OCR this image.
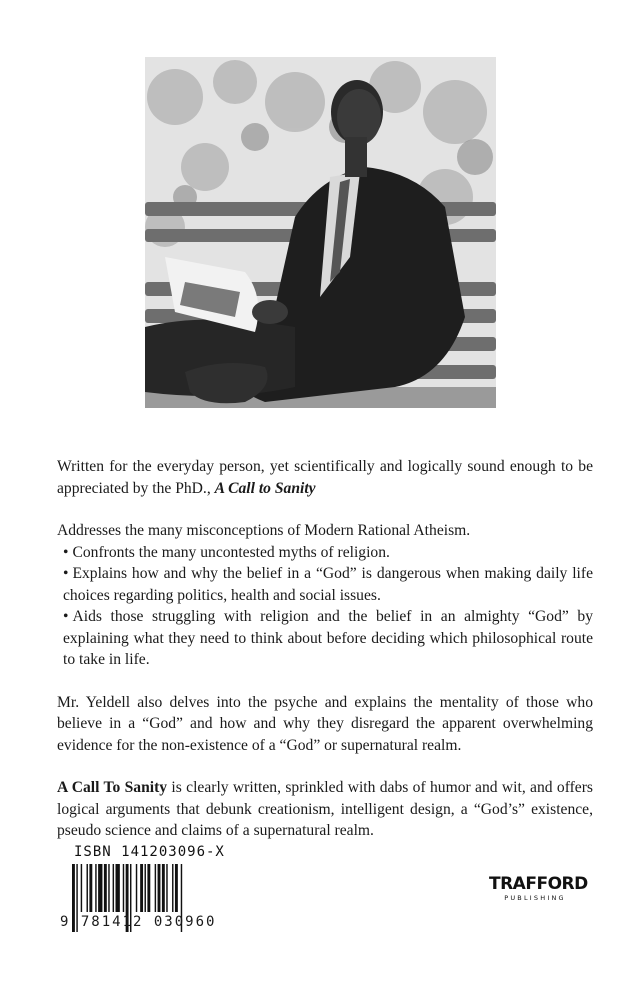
Written for the everyday person, yet scientifically and logically sound enough to be appreciated by the PhD., A Call to Sanity

Addresses the many misconceptions of Modern Rational Atheism.

• Confronts the many uncontested myths of religion.
• Explains how and why the belief in a “God” is dangerous when making daily life choices regarding politics, health and social issues.
• Aids those struggling with religion and the belief in an almighty “God” by explaining what they need to think about before deciding which philosophical route to take in life.

Mr. Yeldell also delves into the psyche and explains the mentality of those who believe in a “God” and how and why they disregard the apparent overwhelming evidence for the non-existence of a “God” or supernatural realm.

A Call To Sanity is clearly written, sprinkled with dabs of humor and wit, and offers logical arguments that debunk creationism, intelligent design, a “God’s” existence, pseudo science and claims of a supernatural realm.

ISBN 141203096-X
9 781412 030960
TRAFFORD
PUBLISHING
